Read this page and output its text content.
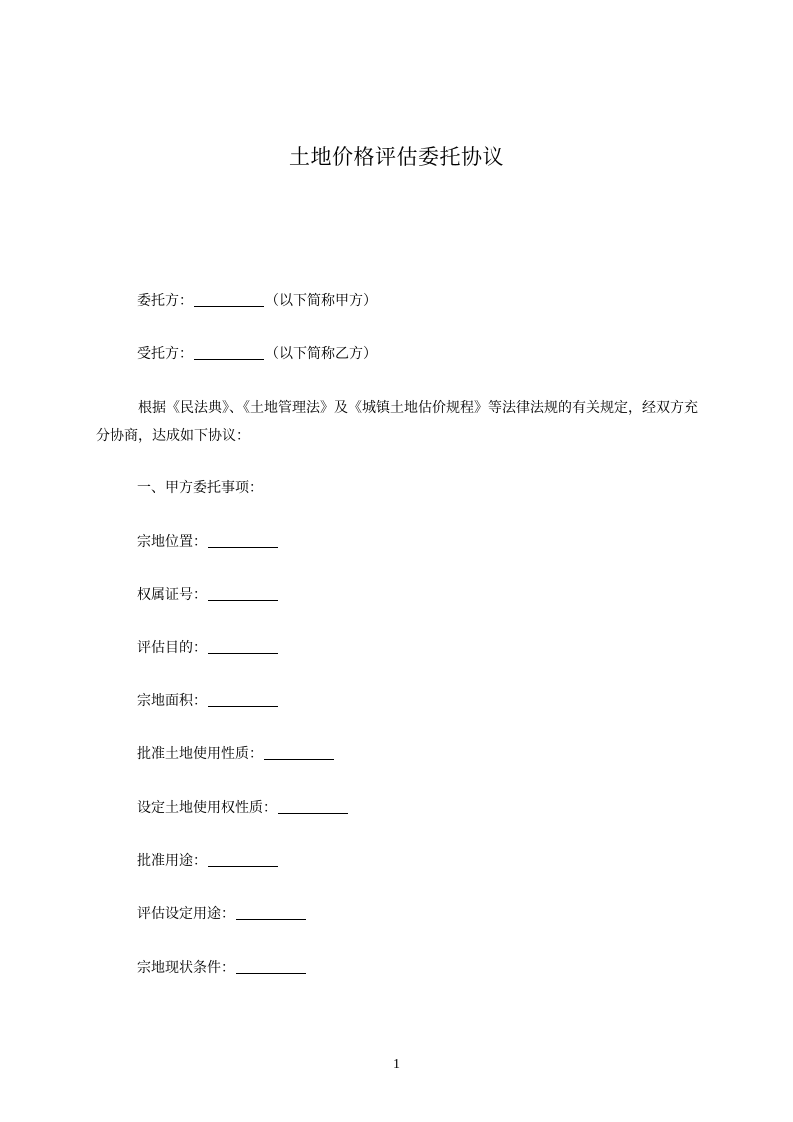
土地价格评估委托协议
委托方：	（以下简称甲方）
受托方：	（以下简称乙方）
根据《民法典》、《土地管理法》及《城镇土地估价规程》等法律法规的有关规定，经双方充分协商，达成如下协议：
一、甲方委托事项：
宗地位置：
权属证号：
评估目的：
宗地面积：
批准土地使用性质：
设定土地使用权性质：
批准用途：
评估设定用途：
宗地现状条件：
1
